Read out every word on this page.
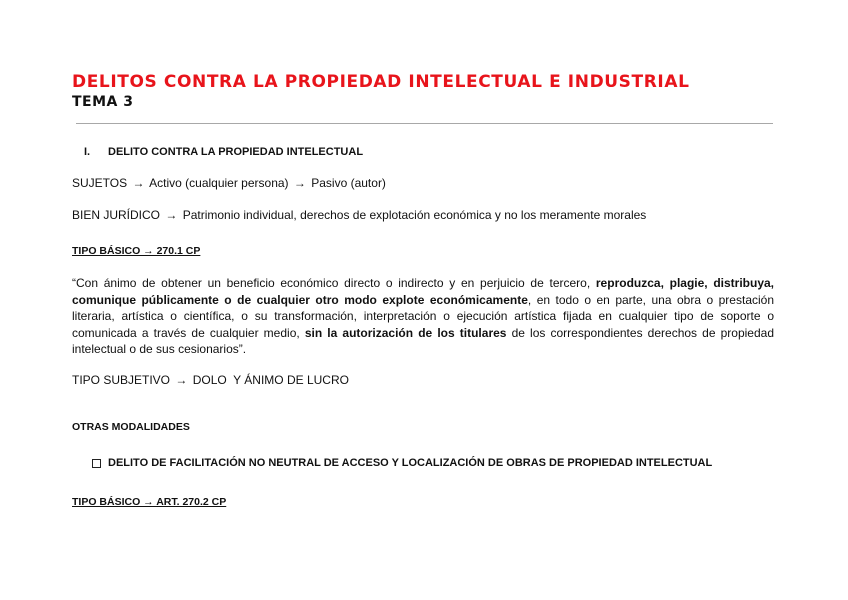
DELITOS CONTRA LA PROPIEDAD INTELECTUAL E INDUSTRIAL
TEMA 3
I. DELITO CONTRA LA PROPIEDAD INTELECTUAL
SUJETOS → Activo (cualquier persona) → Pasivo (autor)
BIEN JURÍDICO → Patrimonio individual, derechos de explotación económica y no los meramente morales
TIPO BÁSICO → 270.1 CP
“Con ánimo de obtener un beneficio económico directo o indirecto y en perjuicio de tercero, reproduzca, plagie, distribuya, comunique públicamente o de cualquier otro modo explote económicamente, en todo o en parte, una obra o prestación literaria, artística o científica, o su transformación, interpretación o ejecución artística fijada en cualquier tipo de soporte o comunicada a través de cualquier medio, sin la autorización de los titulares de los correspondientes derechos de propiedad intelectual o de sus cesionarios”.
TIPO SUBJETIVO → DOLO  Y ÁNIMO DE LUCRO
OTRAS MODALIDADES
DELITO DE FACILITACIÓN NO NEUTRAL DE ACCESO Y LOCALIZACIÓN DE OBRAS DE PROPIEDAD INTELECTUAL
TIPO BÁSICO → ART. 270.2 CP
